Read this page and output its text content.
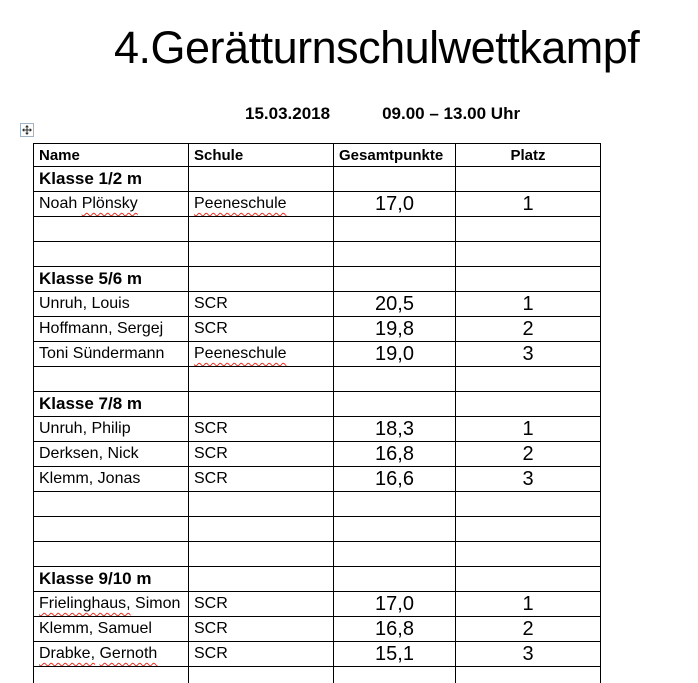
4.Gerätturnschulwettkampf
15.03.2018	09.00 – 13.00 Uhr
Name	Schule	Gesamtpunkte	Platz
Klasse 1/2 m			
Noah Plönsky	Peeneschule	17,0	1

Klasse 5/6 m			
Unruh, Louis	SCR	20,5	1
Hoffmann, Sergej	SCR	19,8	2
Toni Sündermann	Peeneschule	19,0	3

Klasse 7/8 m			
Unruh, Philip	SCR	18,3	1
Derksen, Nick	SCR	16,8	2
Klemm, Jonas	SCR	16,6	3

Klasse 9/10 m			
Frielinghaus, Simon	SCR	17,0	1
Klemm, Samuel	SCR	16,8	2
Drabke, Gernoth	SCR	15,1	3
